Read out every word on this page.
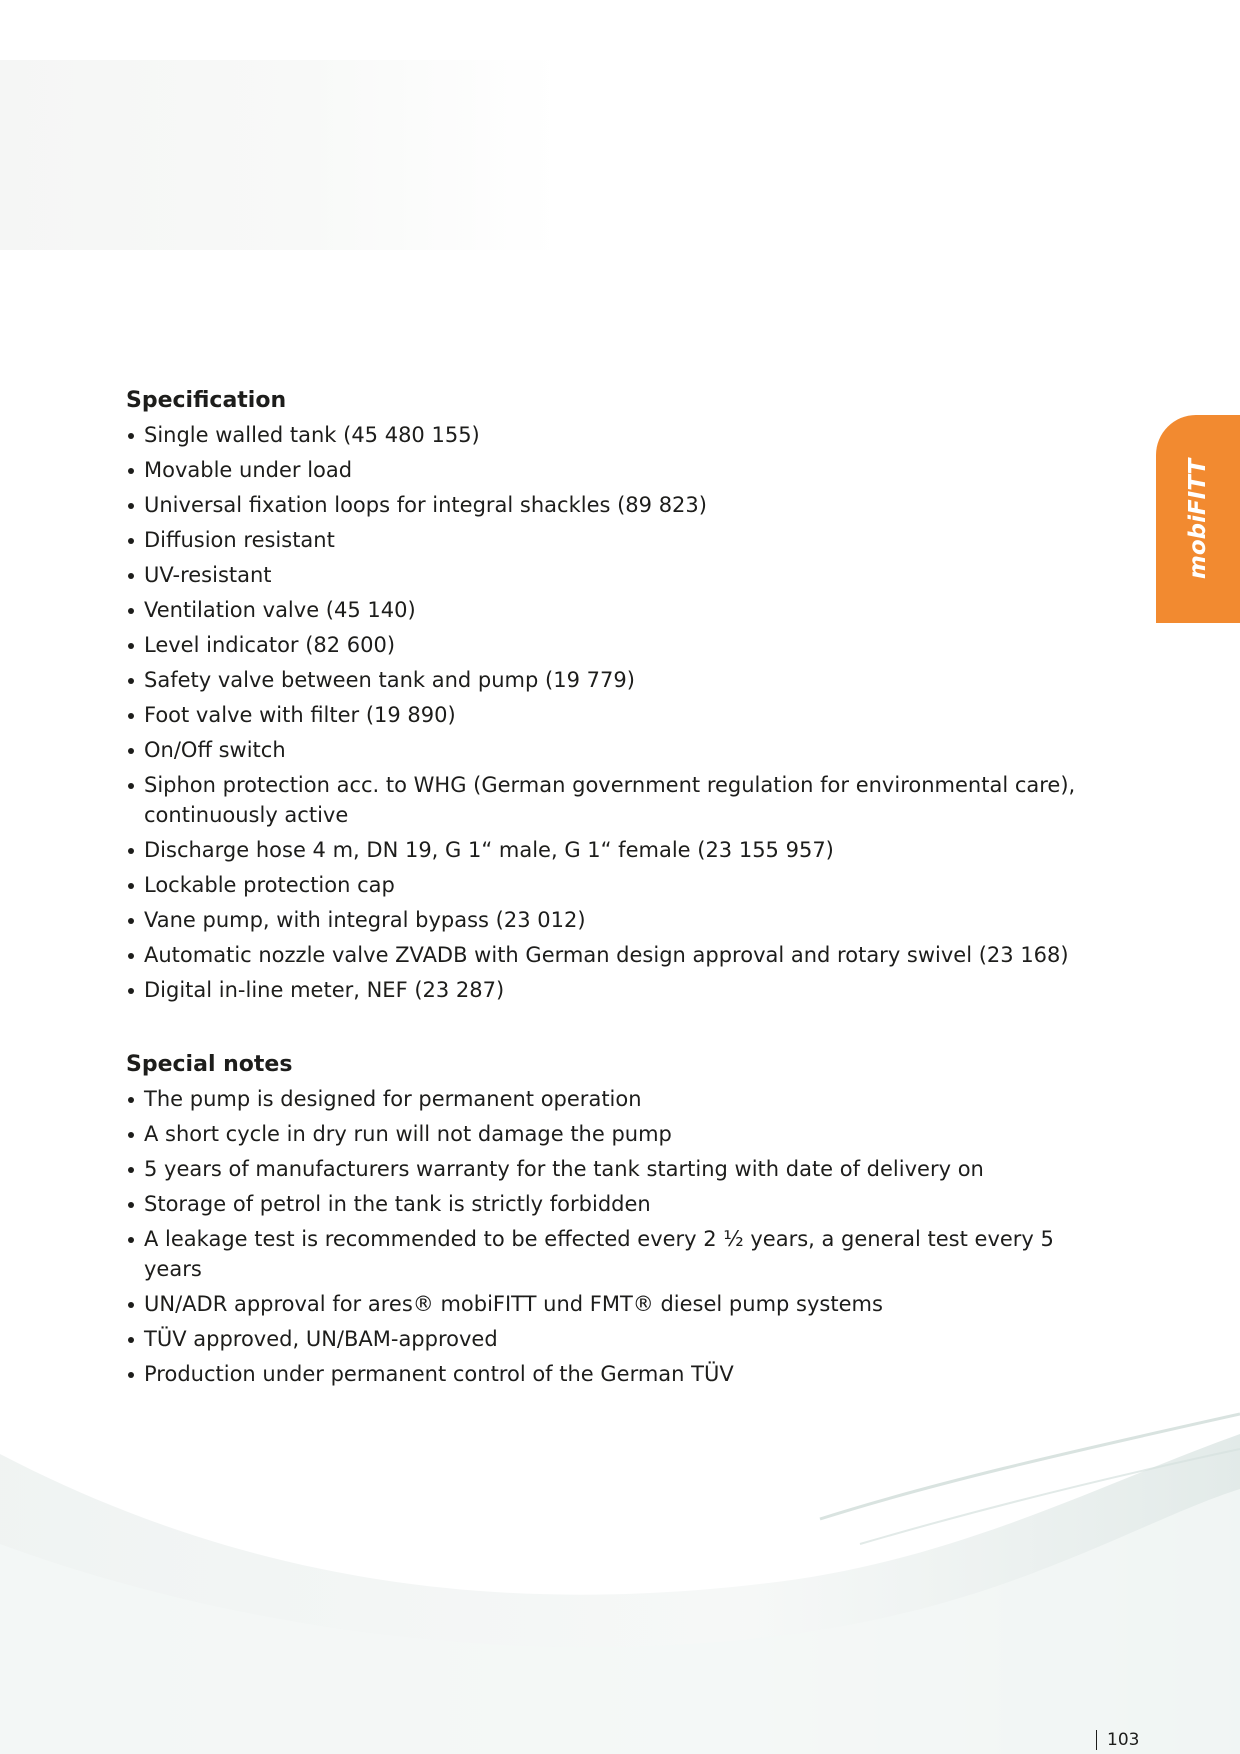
mobiFITT
Specification
Single walled tank (45 480 155)
Movable under load
Universal fixation loops for integral shackles (89 823)
Diffusion resistant
UV-resistant
Ventilation valve (45 140)
Level indicator (82 600)
Safety valve between tank and pump (19 779)
Foot valve with filter (19 890)
On/Off switch
Siphon protection acc. to WHG (German government regulation for environmental care), continuously active
Discharge hose 4 m, DN 19, G 1“ male, G 1“ female (23 155 957)
Lockable protection cap
Vane pump, with integral bypass (23 012)
Automatic nozzle valve ZVADB with German design approval and rotary swivel (23 168)
Digital in-line meter, NEF (23 287)
Special notes
The pump is designed for permanent operation
A short cycle in dry run will not damage the pump
5 years of manufacturers warranty for the tank starting with date of delivery on
Storage of petrol in the tank is strictly forbidden
A leakage test is recommended to be effected every 2 ½ years, a general test every 5 years
UN/ADR approval for ares® mobiFITT und FMT® diesel pump systems
TÜV approved, UN/BAM-approved
Production under permanent control of the German TÜV
103
